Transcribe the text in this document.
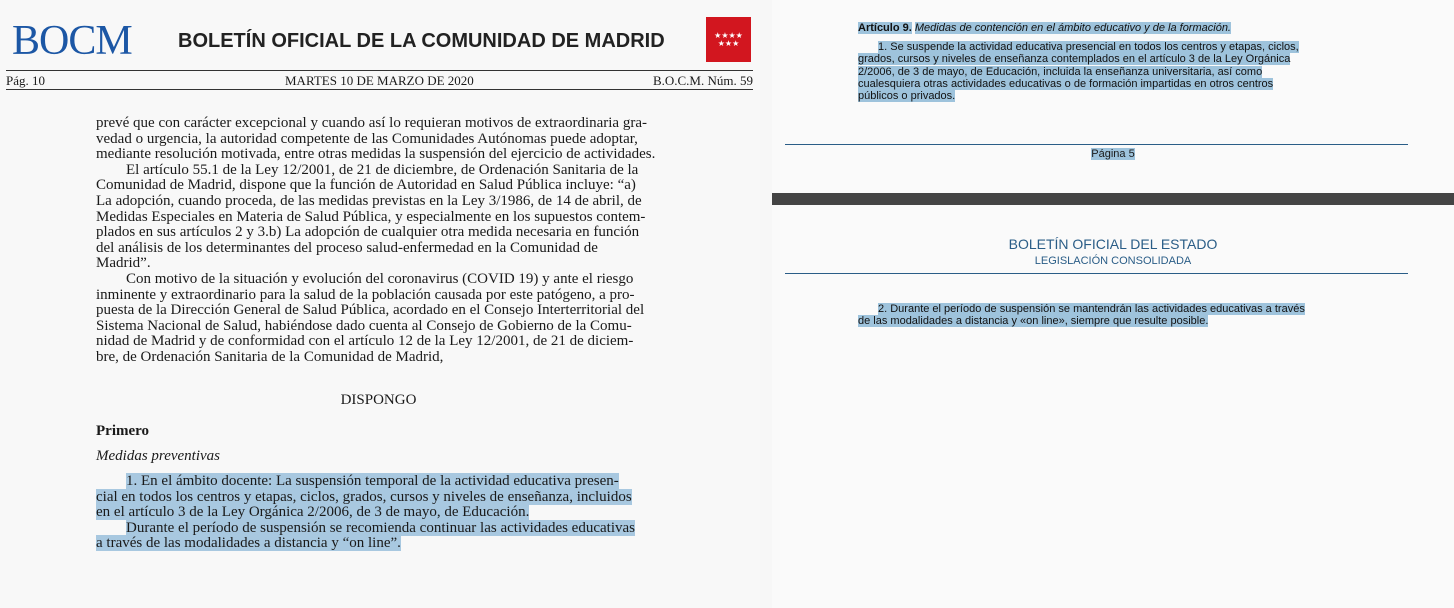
BOCM BOLETÍN OFICIAL DE LA COMUNIDAD DE MADRID	★★★★
★★★
Pág. 10	MARTES 10 DE MARZO DE 2020	B.O.C.M. Núm. 59

prevé que con carácter excepcional y cuando así lo requieran motivos de extraordinaria gra-

vedad o urgencia, la autoridad competente de las Comunidades Autónomas puede adoptar,

mediante resolución motivada, entre otras medidas la suspensión del ejercicio de actividades.

El artículo 55.1 de la Ley 12/2001, de 21 de diciembre, de Ordenación Sanitaria de la

Comunidad de Madrid, dispone que la función de Autoridad en Salud Pública incluye: “a)

La adopción, cuando proceda, de las medidas previstas en la Ley 3/1986, de 14 de abril, de

Medidas Especiales en Materia de Salud Pública, y especialmente en los supuestos contem-

plados en sus artículos 2 y 3.b) La adopción de cualquier otra medida necesaria en función

del análisis de los determinantes del proceso salud-enfermedad en la Comunidad de

Madrid”.

Con motivo de la situación y evolución del coronavirus (COVID 19) y ante el riesgo

inminente y extraordinario para la salud de la población causada por este patógeno, a pro-

puesta de la Dirección General de Salud Pública, acordado en el Consejo Interterritorial del

Sistema Nacional de Salud, habiéndose dado cuenta al Consejo de Gobierno de la Comu-

nidad de Madrid y de conformidad con el artículo 12 de la Ley 12/2001, de 21 de diciem-

bre, de Ordenación Sanitaria de la Comunidad de Madrid,

DISPONGO
Primero
Medidas preventivas

1. En el ámbito docente: La suspensión temporal de la actividad educativa presen-

cial en todos los centros y etapas, ciclos, grados, cursos y niveles de enseñanza, incluidos

en el artículo 3 de la Ley Orgánica 2/2006, de 3 de mayo, de Educación.

Durante el período de suspensión se recomienda continuar las actividades educativas

a través de las modalidades a distancia y “on line”.

Artículo 9. Medidas de contención en el ámbito educativo y de la formación.

1. Se suspende la actividad educativa presencial en todos los centros y etapas, ciclos,

grados, cursos y niveles de enseñanza contemplados en el artículo 3 de la Ley Orgánica

2/2006, de 3 de mayo, de Educación, incluida la enseñanza universitaria, así como

cualesquiera otras actividades educativas o de formación impartidas en otros centros

públicos o privados.

Página 5
BOLETÍN OFICIAL DEL ESTADO
LEGISLACIÓN CONSOLIDADA

2. Durante el período de suspensión se mantendrán las actividades educativas a través

de las modalidades a distancia y «on line», siempre que resulte posible.
